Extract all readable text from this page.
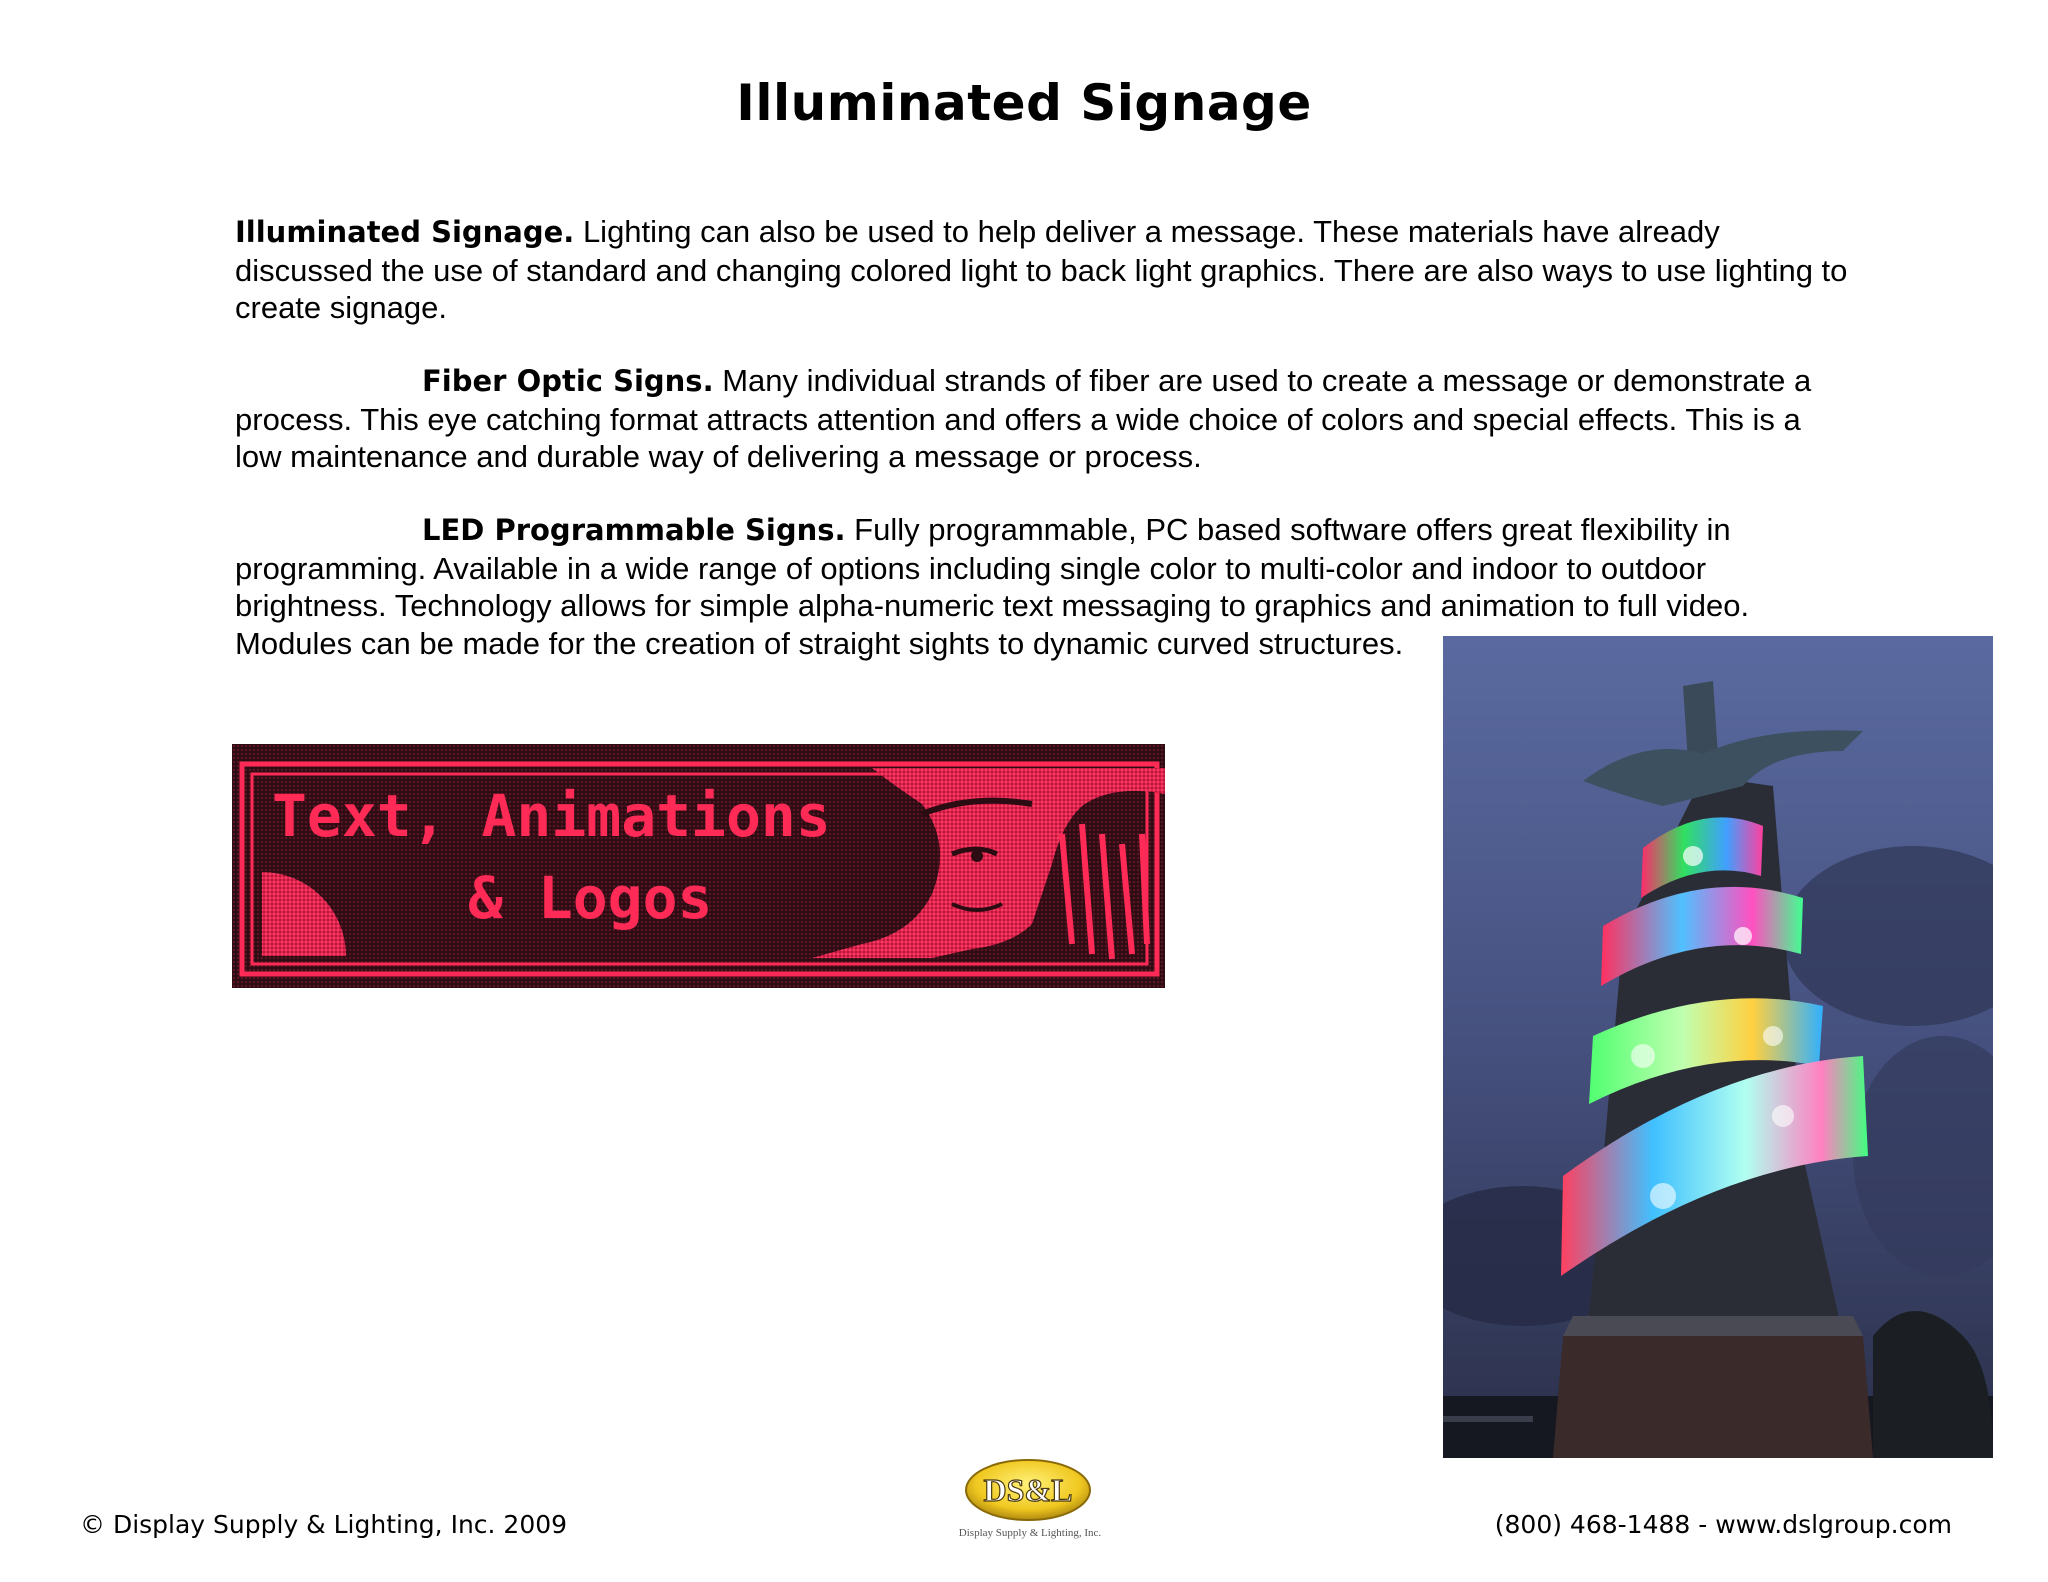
Illuminated Signage
Illuminated Signage. Lighting can also be used to help deliver a message. These materials have already discussed the use of standard and changing colored light to back light graphics. There are also ways to use lighting to create signage.
Fiber Optic Signs. Many individual strands of fiber are used to create a message or demonstrate a process. This eye catching format attracts attention and offers a wide choice of colors and special effects. This is a low maintenance and durable way of delivering a message or process.
LED Programmable Signs. Fully programmable, PC based software offers great flexibility in programming. Available in a wide range of options including single color to multi-color and indoor to outdoor brightness. Technology allows for simple alpha-numeric text messaging to graphics and animation to full video. Modules can be made for the creation of straight sights to dynamic curved structures.
Text, Animations
& Logos
© Display Supply & Lighting, Inc. 2009
DS&L
Display Supply & Lighting, Inc.	(800) 468-1488 - www.dslgroup.com
